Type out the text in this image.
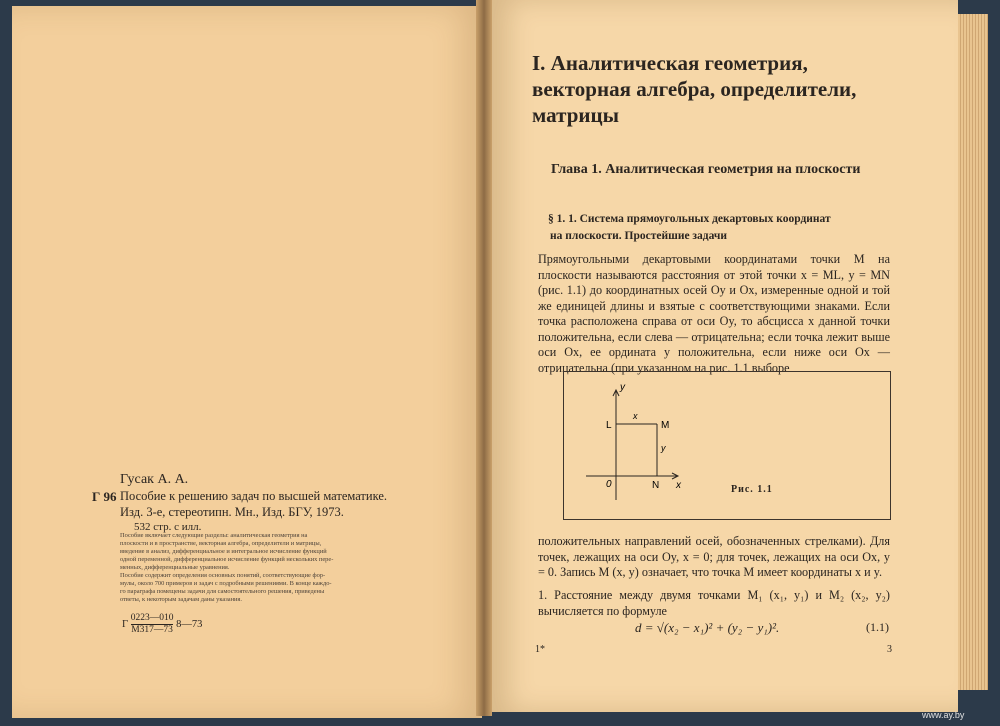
Гусак А. А.
Г 96 Пособие к решению задач по высшей математике.
Изд. 3-е, стереотипн. Мн., Изд. БГУ, 1973.
532 стр. с илл.
Пособие включает следующие разделы: аналитическая геометрия на
плоскости и в пространстве, векторная алгебра, определители и матрицы,
введение в анализ, дифференциальное и интегральное исчисление функций
одной переменной, дифференциальное исчисление функций нескольких пере-
менных, дифференциальные уравнения.
Пособие содержит определения основных понятий, соответствующие фор-
мулы, около 700 примеров и задач с подробными решениями. В конце каждо-
го параграфа помещены задачи для самостоятельного решения, приведены
ответы, к некоторым задачам даны указания.
Г $\frac{0223—010}{М317—73}$ 8—73
I. Аналитическая геометрия, векторная алгебра, определители, матрицы
Глава 1. Аналитическая геометрия на плоскости
§ 1. 1. Система прямоугольных декартовых координат
на плоскости. Простейшие задачи
Прямоугольными декартовыми координатами точки M на плоскости называются расстояния от этой точки x = ML, y = MN (рис. 1.1) до координатных осей Oy и Ox, измеренные одной и той же единицей длины и взятые с соответствующими знаками. Если точка расположена справа от оси Oy, то абсцисса x данной точки положительна, если слева — отрицательна; если точка лежит выше оси Ox, ее ордината y положительна, если ниже оси Ox — отрицательна (при указанном на рис. 1.1 выборе
y
x
0
L	M
N
x
y
Рис. 1.1
положительных направлений осей, обозначенных стрелками). Для точек, лежащих на оси Oy, x = 0; для точек, лежащих на оси Ox, y = 0. Запись M (x, y) означает, что точка M имеет координаты x и y.
1. Расстояние между двумя точками M₁ (x₁, y₁) и M₂ (x₂, y₂) вычисляется по формуле
d = √(x₂ − x₁)² + (y₂ − y₁)².	(1.1)
1*	3
www.ay.by
